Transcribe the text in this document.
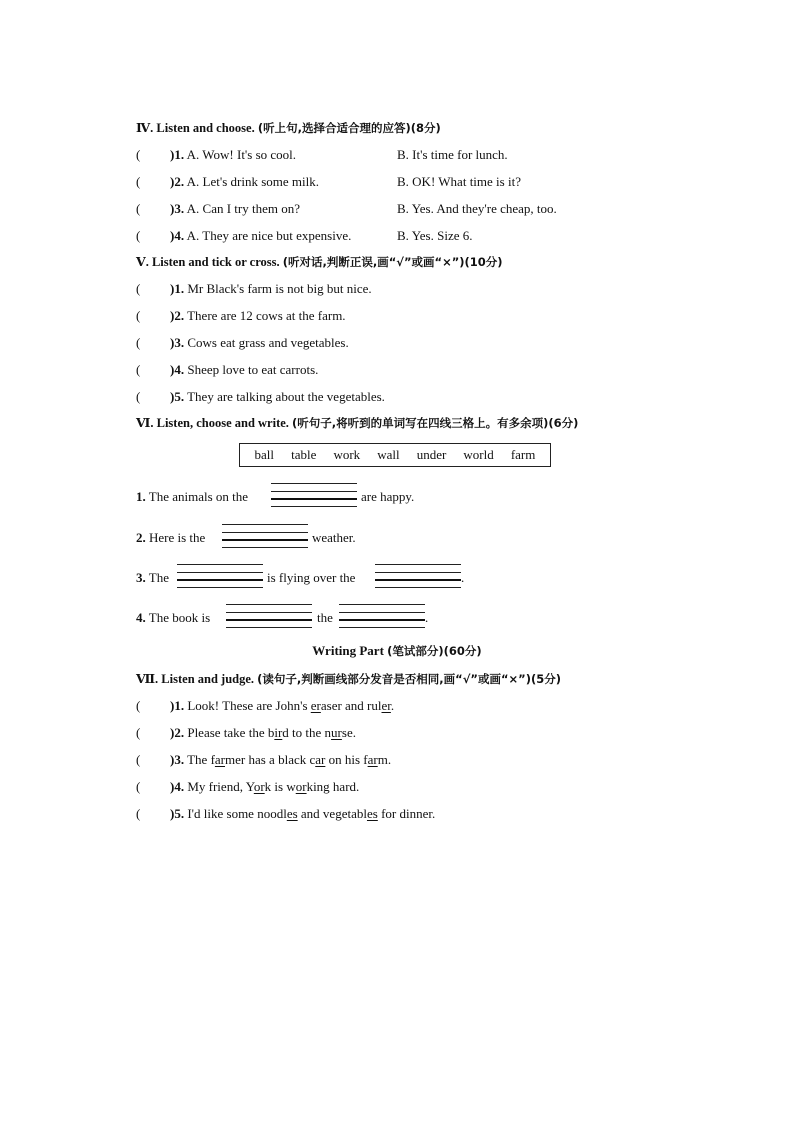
Ⅳ. Listen and choose. (听上句,选择合适合理的应答)(8分)
( )1. A. Wow! It's so cool.	B. It's time for lunch.
( )2. A. Let's drink some milk.	B. OK! What time is it?
( )3. A. Can I try them on?	B. Yes. And they're cheap, too.
( )4. A. They are nice but expensive.	B. Yes. Size 6.
Ⅴ. Listen and tick or cross. (听对话,判断正误,画“√”或画“×”)(10分)
( )1. Mr Black's farm is not big but nice.
( )2. There are 12 cows at the farm.
( )3. Cows eat grass and vegetables.
( )4. Sheep love to eat carrots.
( )5. They are talking about the vegetables.
Ⅵ. Listen, choose and write. (听句子,将听到的单词写在四线三格上。有多余项)(6分)
ball table work wall under world farm
1. The animals on the	are happy.
2. Here is the	weather.
3. The	is flying over the	.
4. The book is	the	.
Writing Part (笔试部分)(60分)
Ⅶ. Listen and judge. (读句子,判断画线部分发音是否相同,画“√”或画“×”)(5分)
( )1. Look! These are John's eraser and ruler.
( )2. Please take the bird to the nurse.
( )3. The farmer has a black car on his farm.
( )4. My friend, York is working hard.
( )5. I'd like some noodles and vegetables for dinner.
